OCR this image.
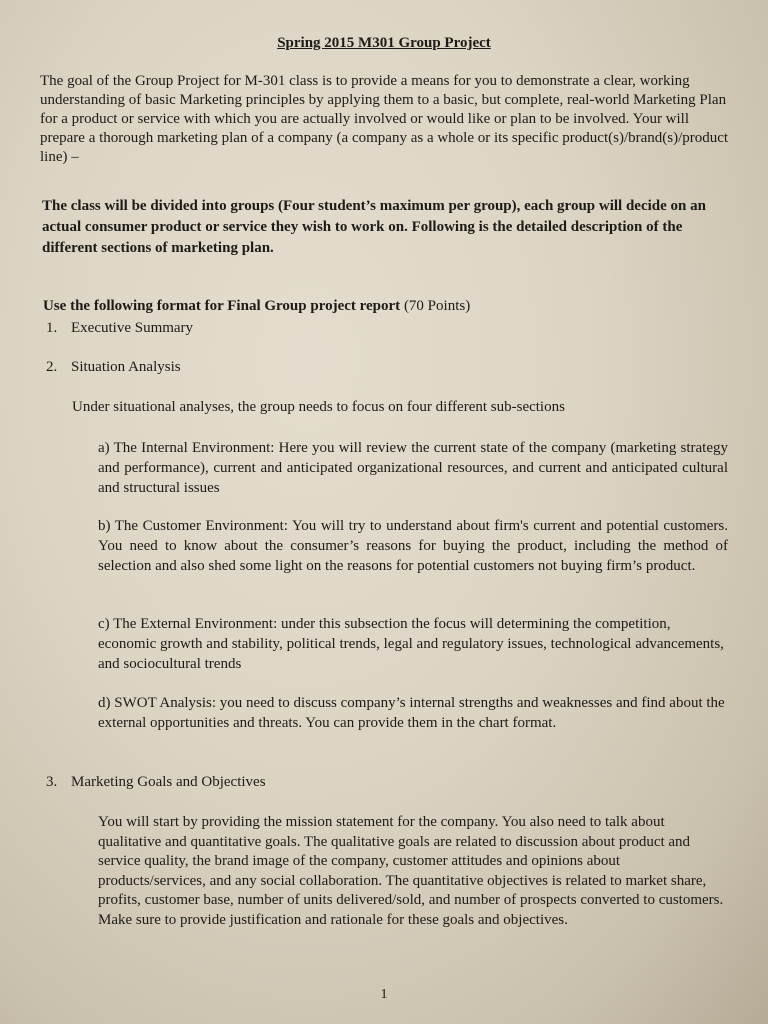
Spring 2015 M301 Group Project
The goal of the Group Project for M-301 class is to provide a means for you to demonstrate a clear, working understanding of basic Marketing principles by applying them to a basic, but complete, real-world Marketing Plan for a product or service with which you are actually involved or would like or plan to be involved. Your will prepare a thorough marketing plan of a company (a company as a whole or its specific product(s)/brand(s)/product line) –
The class will be divided into groups (Four student’s maximum per group), each group will decide on an actual consumer product or service they wish to work on. Following is the detailed description of the different sections of marketing plan.
Use the following format for Final Group project report (70 Points)
1. Executive Summary
2. Situation Analysis
Under situational analyses, the group needs to focus on four different sub-sections
a) The Internal Environment: Here you will review the current state of the company (marketing strategy and performance), current and anticipated organizational resources, and current and anticipated cultural and structural issues
b) The Customer Environment: You will try to understand about firm's current and potential customers. You need to know about the consumer’s reasons for buying the product, including the method of selection and also shed some light on the reasons for potential customers not buying firm’s product.
c) The External Environment: under this subsection the focus will determining the competition, economic growth and stability, political trends, legal and regulatory issues, technological advancements, and sociocultural trends
d) SWOT Analysis: you need to discuss company’s internal strengths and weaknesses and find about the external opportunities and threats. You can provide them in the chart format.
3. Marketing Goals and Objectives
You will start by providing the mission statement for the company. You also need to talk about qualitative and quantitative goals. The qualitative goals are related to discussion about product and service quality, the brand image of the company, customer attitudes and opinions about products/services, and any social collaboration. The quantitative objectives is related to market share, profits, customer base, number of units delivered/sold, and number of prospects converted to customers. Make sure to provide justification and rationale for these goals and objectives.
1
